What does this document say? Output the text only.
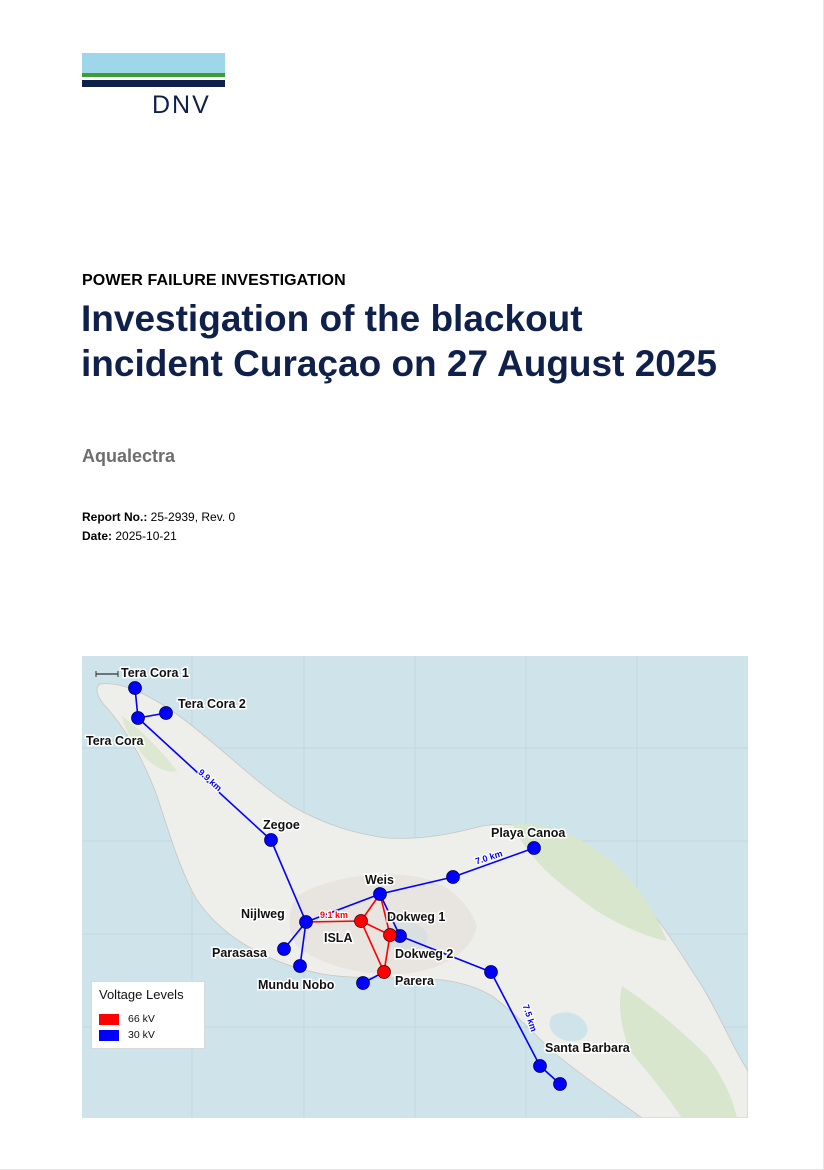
DNV
POWER FAILURE INVESTIGATION
Investigation of the blackout incident Curaçao on 27 August 2025
Aqualectra
Report No.: 25-2939, Rev. 0
Date: 2025-10-21
9.9 km
7.0 km
9.1 km
7.5 km
Tera Cora 1
Tera Cora 2
Tera Cora
Zegoe
Playa Canoa
Weis
Nijlweg
ISLA
Dokweg 1
Dokweg 2
Parasasa
Mundu Nobo	Parera
Santa Barbara
Voltage Levels
66 kV
30 kV
